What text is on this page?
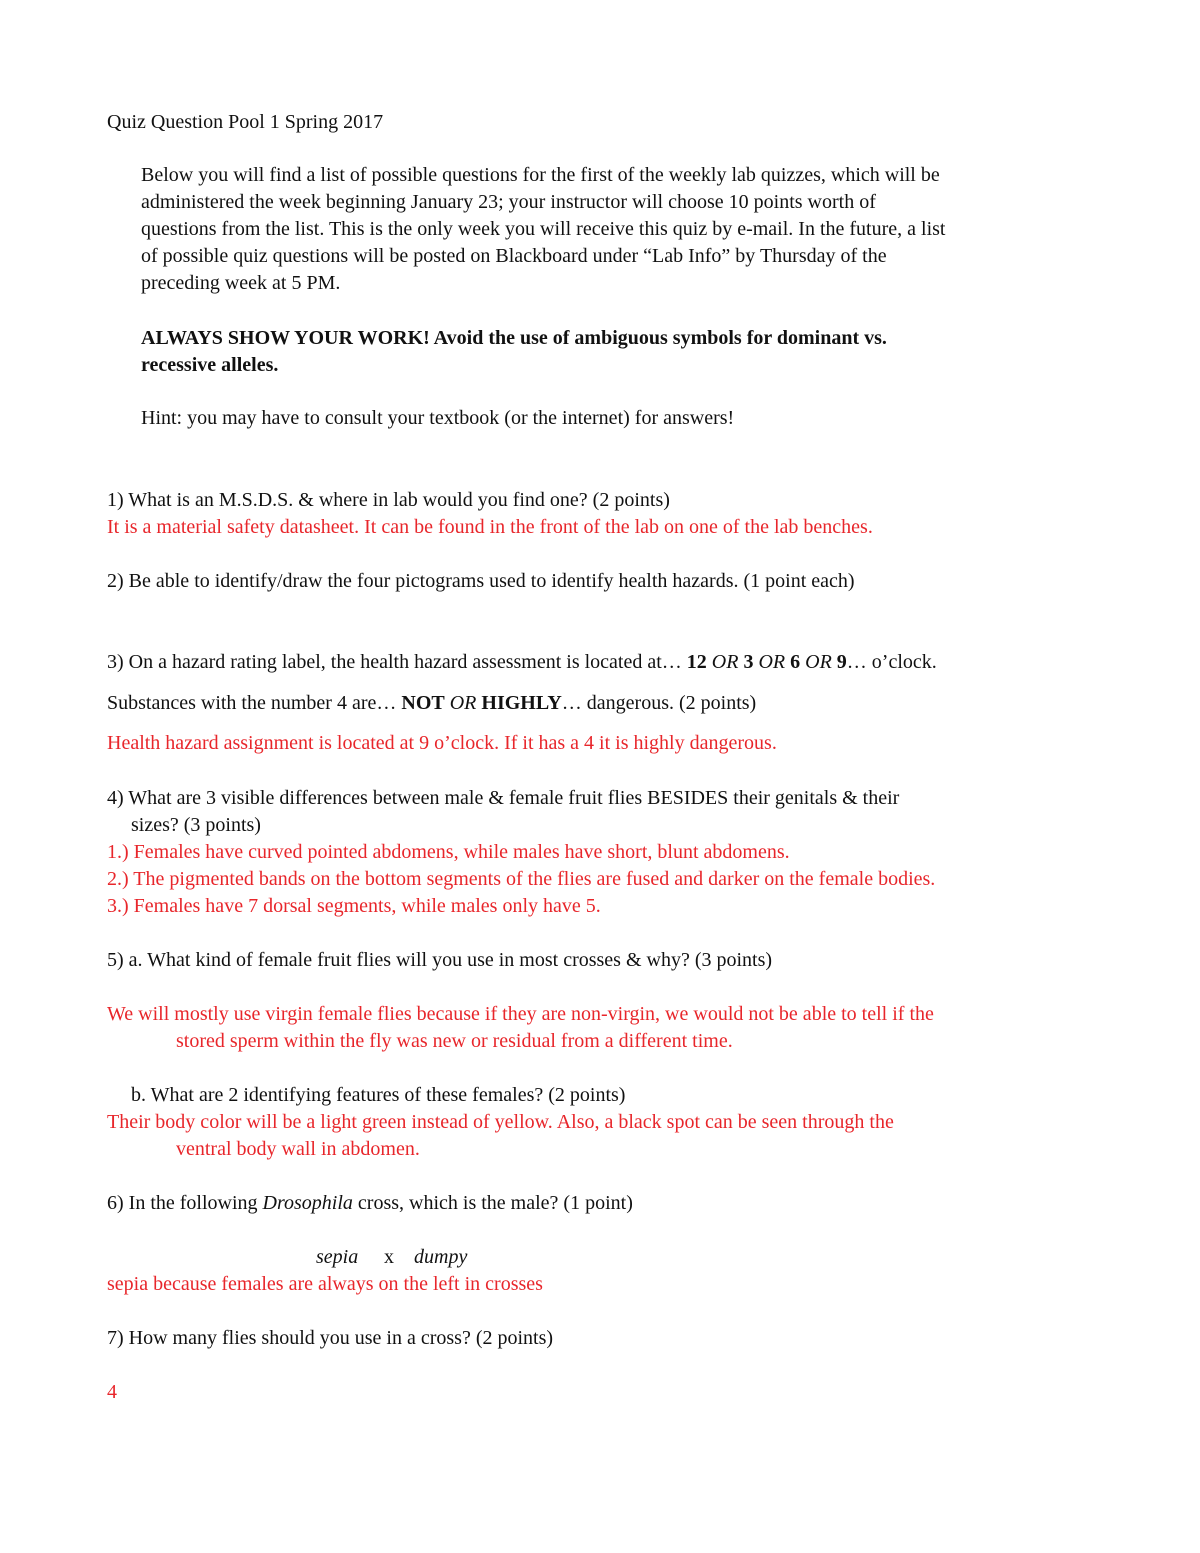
Quiz Question Pool 1 Spring 2017
Below you will find a list of possible questions for the first of the weekly lab quizzes, which will be
administered the week beginning January 23; your instructor will choose 10 points worth of
questions from the list. This is the only week you will receive this quiz by e-mail. In the future, a list
of possible quiz questions will be posted on Blackboard under “Lab Info” by Thursday of the
preceding week at 5 PM.
ALWAYS SHOW YOUR WORK! Avoid the use of ambiguous symbols for dominant vs.
recessive alleles.
Hint: you may have to consult your textbook (or the internet) for answers!
1) What is an M.S.D.S. & where in lab would you find one? (2 points)
It is a material safety datasheet. It can be found in the front of the lab on one of the lab benches.
2) Be able to identify/draw the four pictograms used to identify health hazards. (1 point each)
3) On a hazard rating label, the health hazard assessment is located at… 12 OR 3 OR 6 OR 9… o’clock.
Substances with the number 4 are… NOT OR HIGHLY… dangerous. (2 points)
Health hazard assignment is located at 9 o’clock. If it has a 4 it is highly dangerous.
4) What are 3 visible differences between male & female fruit flies BESIDES their genitals & their
sizes? (3 points)
1.) Females have curved pointed abdomens, while males have short, blunt abdomens.
2.) The pigmented bands on the bottom segments of the flies are fused and darker on the female bodies.
3.) Females have 7 dorsal segments, while males only have 5.
5) a. What kind of female fruit flies will you use in most crosses & why? (3 points)
We will mostly use virgin female flies because if they are non-virgin, we would not be able to tell if the
stored sperm within the fly was new or residual from a different time.
b. What are 2 identifying features of these females? (2 points)
Their body color will be a light green instead of yellow. Also, a black spot can be seen through the
ventral body wall in abdomen.
6) In the following Drosophila cross, which is the male? (1 point)
sepia x dumpy
sepia because females are always on the left in crosses
7) How many flies should you use in a cross? (2 points)
4
